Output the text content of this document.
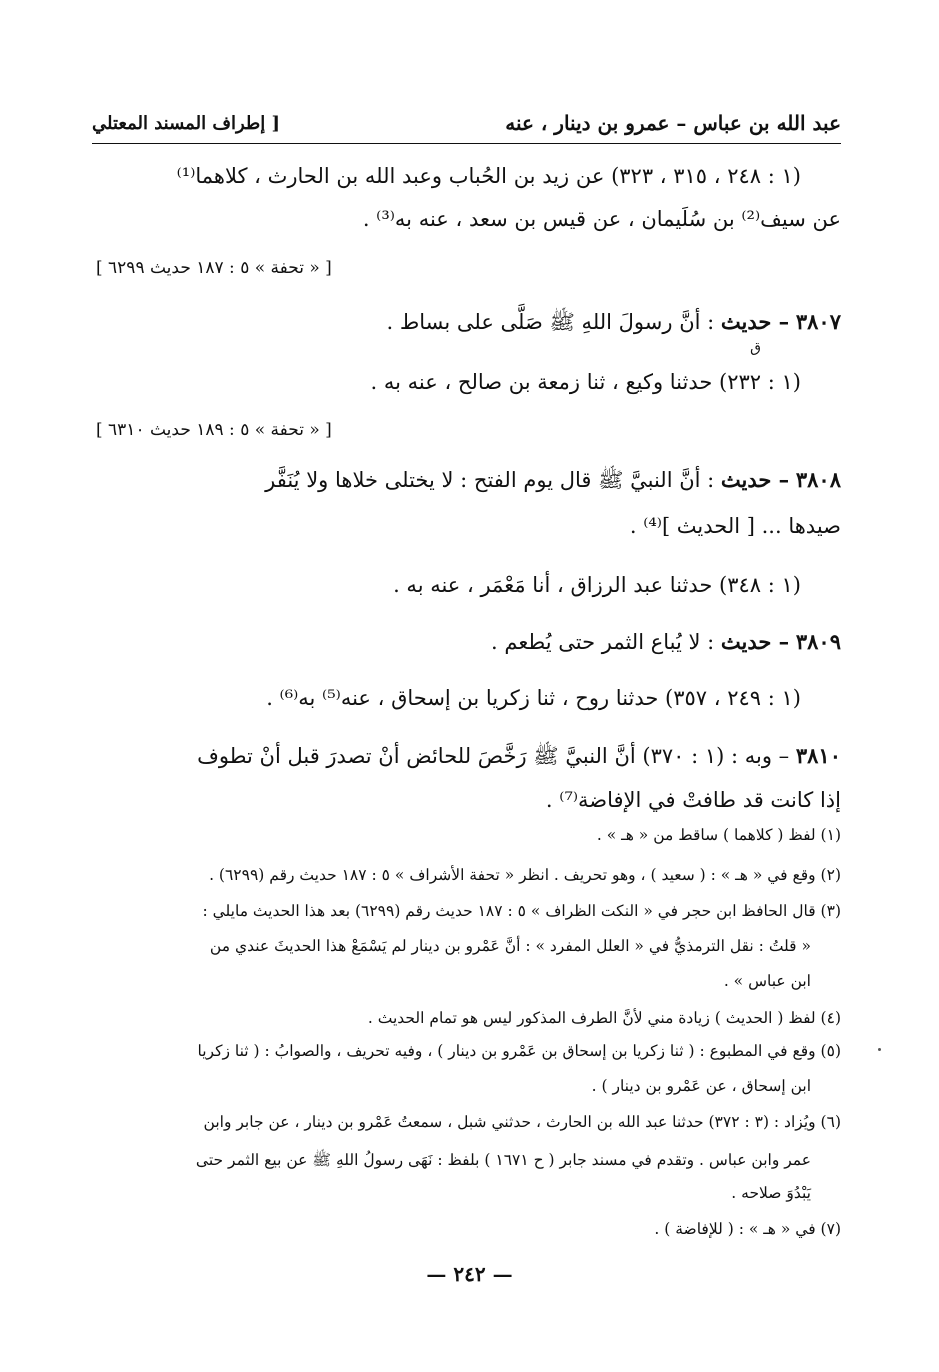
عبد الله بن عباس – عمرو بن دينار ، عنه
[ إطراف المسند المعتلي
(١ : ٢٤٨ ، ٣١٥ ، ٣٢٣) عن زيد بن الحُباب وعبد الله بن الحارث ، كلاهما⁽¹⁾
عن سيف⁽²⁾ بن سُلَيمان ، عن قيس بن سعد ، عنه به⁽³⁾ .
[ « تحفة » ٥ : ١٨٧ حديث ٦٢٩٩ ]
٣٨٠٧ – حديث : أنَّ رسولَ اللهِ ﷺ صَلَّى على بساط .
ق
(١ : ٢٣٢) حدثنا وكيع ، ثنا زمعة بن صالح ، عنه به .
[ « تحفة » ٥ : ١٨٩ حديث ٦٣١٠ ]
٣٨٠٨ – حديث : أنَّ النبيَّ ﷺ قال يوم الفتح : لا يختلى خلاها ولا يُنَفَّر
صيدها ... [ الحديث ]⁽⁴⁾ .
(١ : ٣٤٨) حدثنا عبد الرزاق ، أنا مَعْمَر ، عنه به .
٣٨٠٩ – حديث : لا يُباع الثمر حتى يُطعم .
(١ : ٢٤٩ ، ٣٥٧) حدثنا روح ، ثنا زكريا بن إسحاق ، عنه⁽⁵⁾ به⁽⁶⁾ .
٣٨١٠ – وبه : (١ : ٣٧٠) أنَّ النبيَّ ﷺ رَخَّصَ للحائض أنْ تصدرَ قبل أنْ تطوف
إذا كانت قد طافتْ في الإفاضة⁽⁷⁾ .
(١) لفظ ( كلاهما ) ساقط من « هـ » .
(٢) وقع في « هـ » : ( سعيد ) ، وهو تحريف . انظر « تحفة الأشراف » ٥ : ١٨٧ حديث رقم (٦٢٩٩) .
(٣) قال الحافظ ابن حجر في « النكت الظراف » ٥ : ١٨٧ حديث رقم (٦٢٩٩) بعد هذا الحديث مايلي :
« قلتُ : نقل الترمذيُّ في « العلل المفرد » : أنَّ عَمْرو بن دينار لم يَسْمَعْ هذا الحديثَ عندي من
ابن عباس » .
(٤) لفظ ( الحديث ) زيادة مني لأنَّ الطرف المذكور ليس هو تمام الحديث .
(٥) وقع في المطبوع : ( ثنا زكريا بن إسحاق بن عَمْرو بن دينار ) ، وفيه تحريف ، والصوابُ : ( ثنا زكريا
ابن إسحاق ، عن عَمْرو بن دينار ) .
(٦) ويُزاد : (٣ : ٣٧٢) حدثنا عبد الله بن الحارث ، حدثني شبل ، سمعتُ عَمْرو بن دينار ، عن جابر وابن
عمر وابن عباس . وتقدم في مسند جابر ( ح ١٦٧١ ) بلفظ : نَهَى رسولُ اللهِ ﷺ عن بيع الثمر حتى
يَبْدُوَ صلاحه .
(٧) في « هـ » : ( للإفاضة ) .
— ٢٤٢ —
